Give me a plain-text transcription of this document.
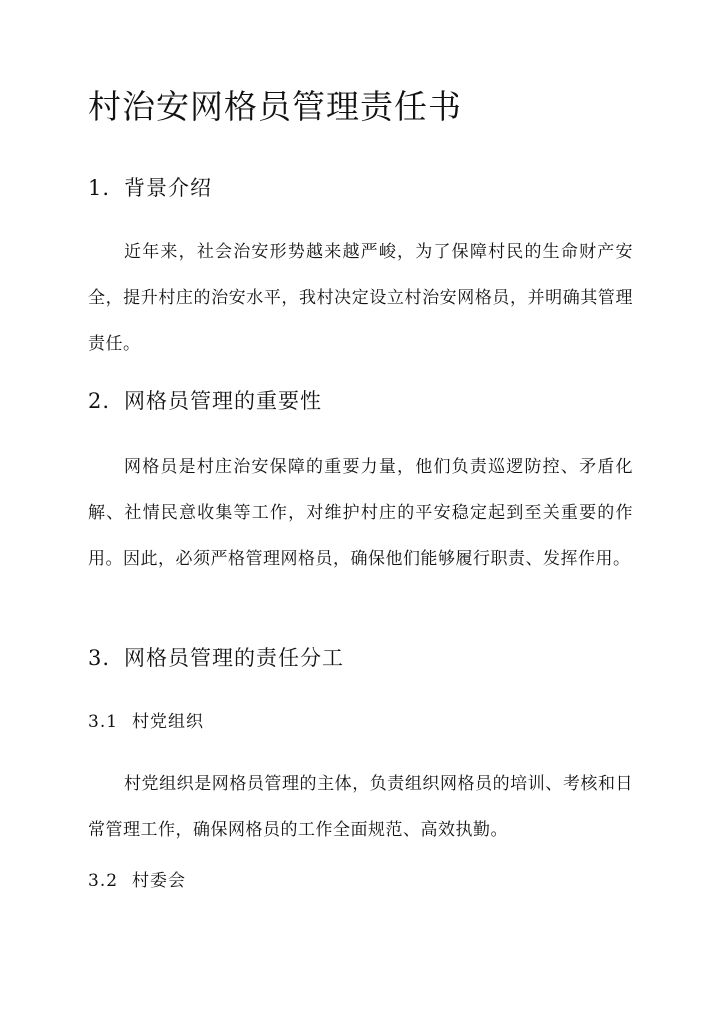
村治安网格员管理责任书
1. 背景介绍

近年来，社会治安形势越来越严峻，为了保障村民的生命财产安全，提升村庄的治安水平，我村决定设立村治安网格员，并明确其管理责任。

2. 网格员管理的重要性

网格员是村庄治安保障的重要力量，他们负责巡逻防控、矛盾化解、社情民意收集等工作，对维护村庄的平安稳定起到至关重要的作用。因此，必须严格管理网格员，确保他们能够履行职责、发挥作用。

3. 网格员管理的责任分工
3.1 村党组织

村党组织是网格员管理的主体，负责组织网格员的培训、考核和日常管理工作，确保网格员的工作全面规范、高效执勤。

3.2 村委会
